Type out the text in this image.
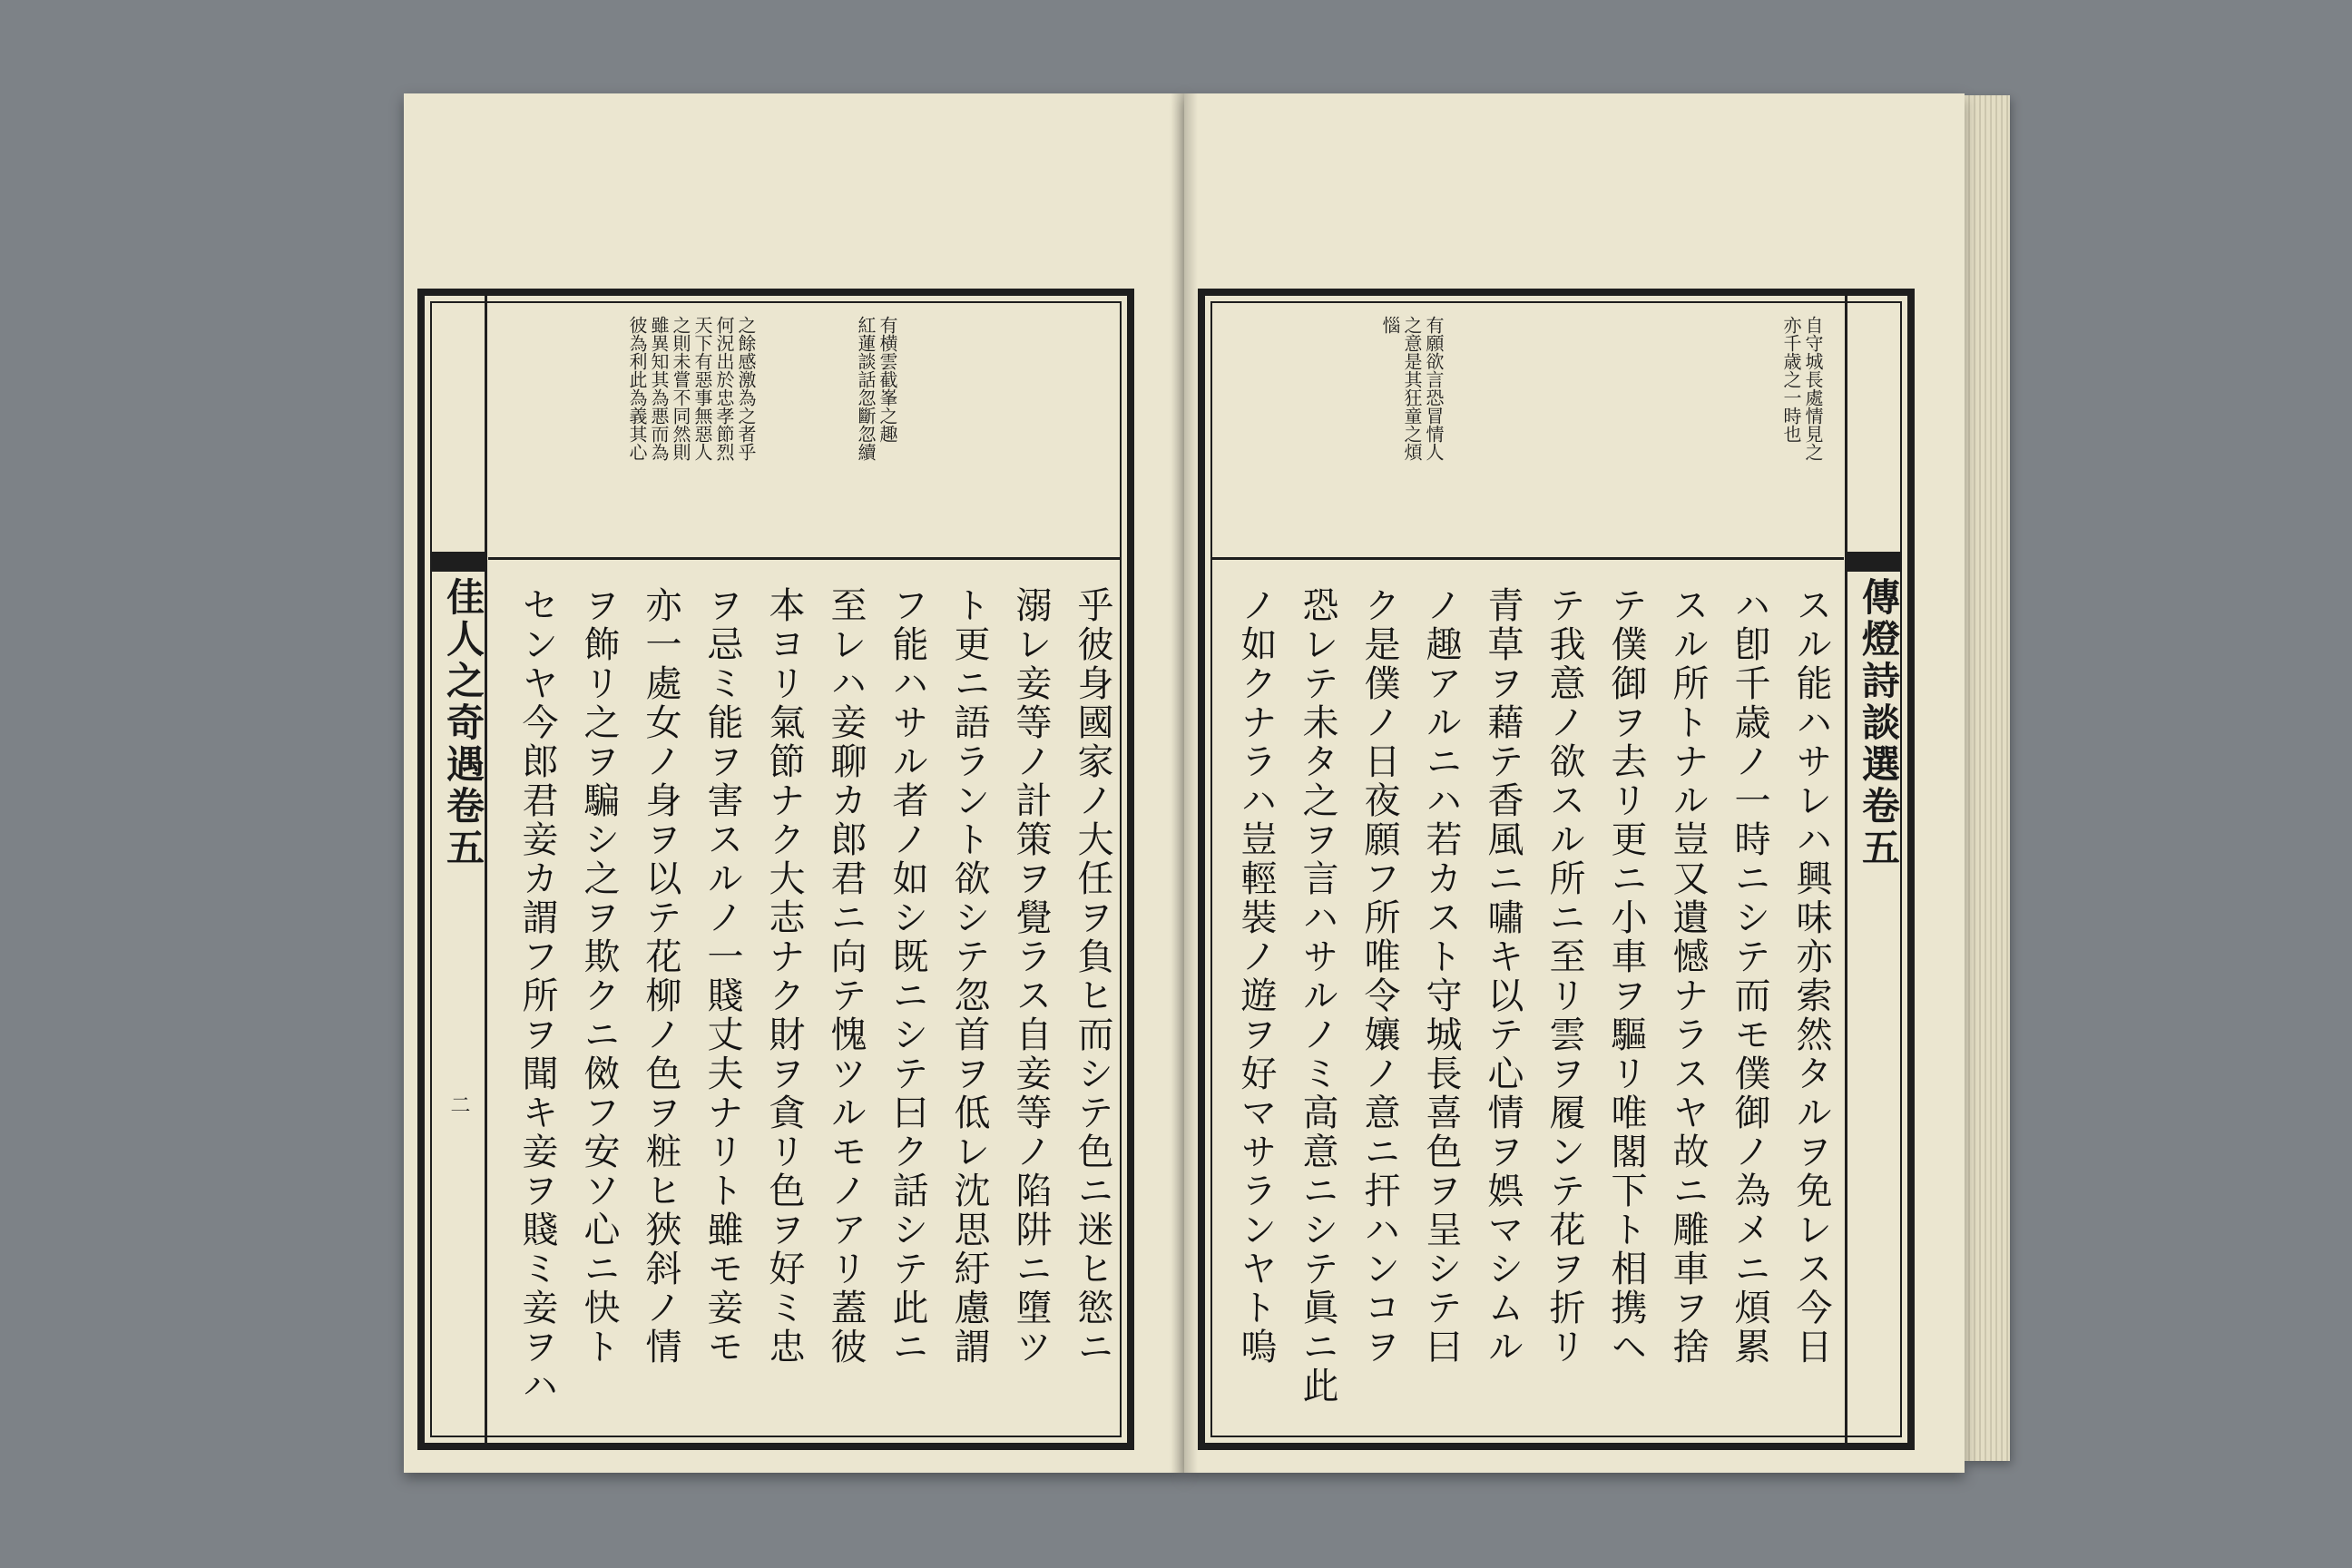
紅蓮談話忽斷忽續 有横雲截峯之趣
彼為利此為義其心 雖異知其為悪而為 之則未嘗不同然則 天下有惡事無惡人 何況出於忠孝節烈 之餘感激為之者乎
佳人之奇遇卷五
二	乎彼身國家ノ大任ヲ負ヒ而シテ色ニ迷ヒ慾ニ
溺レ妾等ノ計策ヲ覺ラス自妾等ノ陷阱ニ墮ツ
ト更ニ語ラント欲シテ忽首ヲ低レ沈思紆慮謂
フ能ハサル者ノ如シ既ニシテ曰ク話シテ此ニ
至レハ妾聊カ郎君ニ向テ愧ツルモノアリ蓋彼
本ヨリ氣節ナク大志ナク財ヲ貪リ色ヲ好ミ忠
ヲ忌ミ能ヲ害スルノ一賤丈夫ナリト雖モ妾モ
亦一處女ノ身ヲ以テ花柳ノ色ヲ粧ヒ狹斜ノ情
ヲ飾リ之ヲ騙シ之ヲ欺クニ傚フ安ソ心ニ快ト
センヤ今郎君妾カ謂フ所ヲ聞キ妾ヲ賤ミ妾ヲハ
自守城長處情見之
亦千歳之一時也
有願欲言恐冒情人
之意是其狂童之煩
惱
傳燈詩談選卷五
スル能ハサレハ興味亦索然タルヲ免レス今日
ハ卽千歳ノ一時ニシテ而モ僕御ノ為メニ煩累
スル所トナル豈又遺憾ナラスヤ故ニ雕車ヲ捨
テ僕御ヲ去リ更ニ小車ヲ驅リ唯閣下ト相携ヘ
テ我意ノ欲スル所ニ至リ雲ヲ履ンテ花ヲ折リ
青草ヲ藉テ香風ニ嘯キ以テ心情ヲ娯マシムル
ノ趣アルニハ若カスト守城長喜色ヲ呈シテ曰
ク是僕ノ日夜願フ所唯令孃ノ意ニ扞ハンコヲ
恐レテ未タ之ヲ言ハサルノミ高意ニシテ眞ニ此
ノ如クナラハ豈輕裝ノ遊ヲ好マサランヤト嗚
